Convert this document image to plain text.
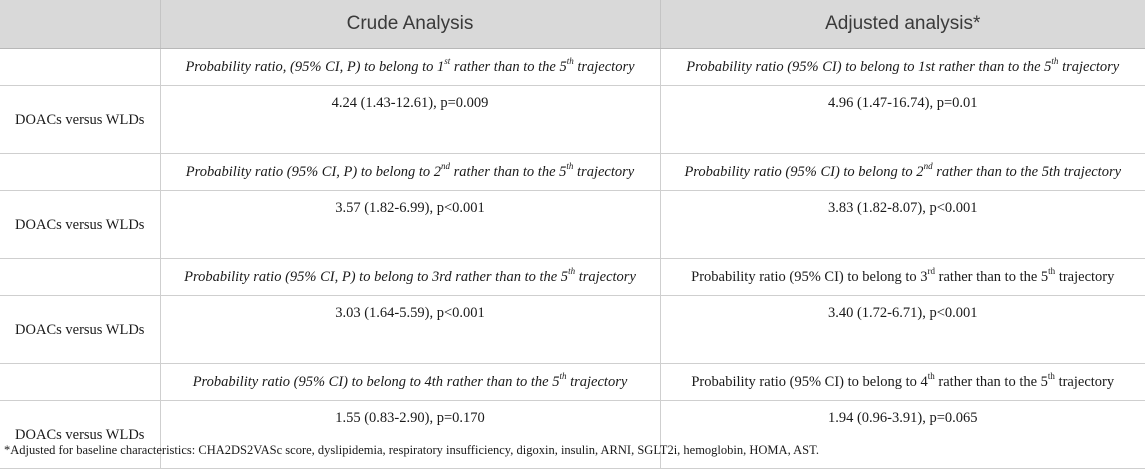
	Crude Analysis	Adjusted analysis*
	Probability ratio, (95% CI, P) to belong to 1st rather than to the 5th trajectory	Probability ratio (95% CI) to belong to 1st rather than to the 5th trajectory
DOACs versus WLDs	4.24 (1.43-12.61), p=0.009	4.96 (1.47-16.74), p=0.01
	Probability ratio (95% CI, P) to belong to 2nd rather than to the 5th trajectory	Probability ratio (95% CI) to belong to 2nd rather than to the 5th trajectory
DOACs versus WLDs	3.57 (1.82-6.99), p<0.001	3.83 (1.82-8.07), p<0.001
	Probability ratio (95% CI, P) to belong to 3rd rather than to the 5th trajectory	Probability ratio (95% CI) to belong to 3rd rather than to the 5th trajectory
DOACs versus WLDs	3.03 (1.64-5.59), p<0.001	3.40 (1.72-6.71), p<0.001
	Probability ratio (95% CI) to belong to 4th rather than to the 5th trajectory	Probability ratio (95% CI) to belong to 4th rather than to the 5th trajectory
DOACs versus WLDs	1.55 (0.83-2.90), p=0.170	1.94 (0.96-3.91), p=0.065
*Adjusted for baseline characteristics: CHA2DS2VASc score, dyslipidemia, respiratory insufficiency, digoxin, insulin, ARNI, SGLT2i, hemoglobin, HOMA, AST.
